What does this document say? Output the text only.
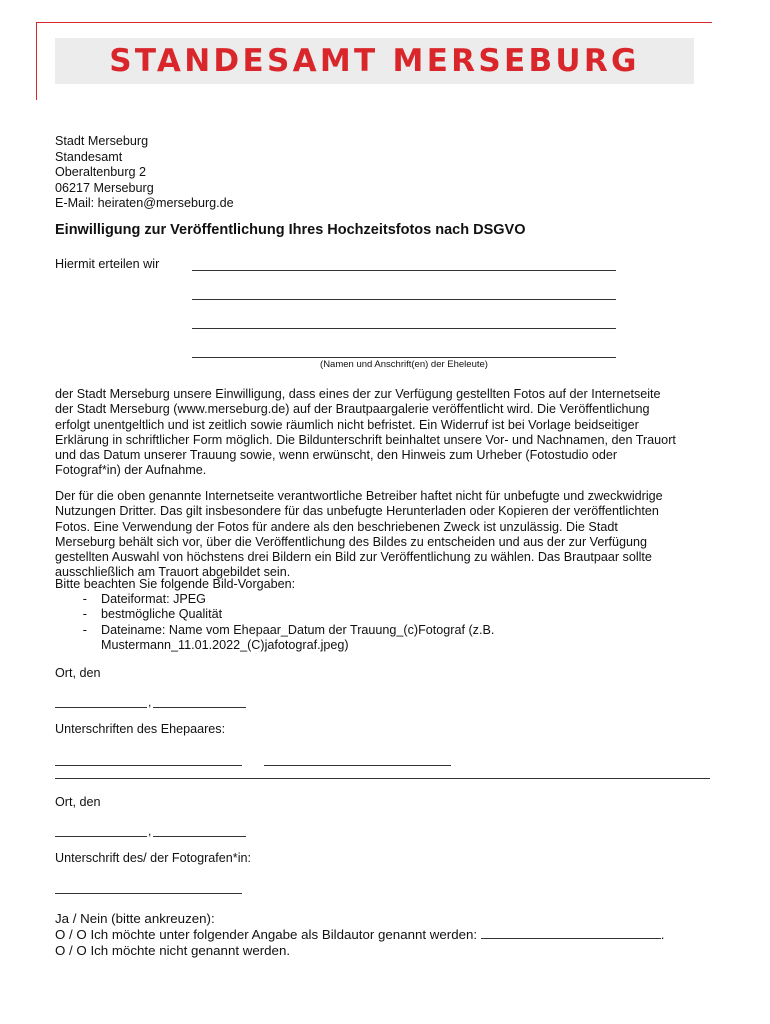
STANDESAMT MERSEBURG
Stadt Merseburg
Standesamt
Oberaltenburg 2
06217 Merseburg
E-Mail: heiraten@merseburg.de
Einwilligung zur Veröffentlichung Ihres Hochzeitsfotos nach DSGVO
Hiermit erteilen wir
(Namen und Anschrift(en) der Eheleute)
der Stadt Merseburg unsere Einwilligung, dass eines der zur Verfügung gestellten Fotos auf der Internetseite
der Stadt Merseburg (www.merseburg.de) auf der Brautpaargalerie veröffentlicht wird. Die Veröffentlichung
erfolgt unentgeltlich und ist zeitlich sowie räumlich nicht befristet. Ein Widerruf ist bei Vorlage beidseitiger
Erklärung in schriftlicher Form möglich. Die Bildunterschrift beinhaltet unsere Vor- und Nachnamen, den Trauort
und das Datum unserer Trauung sowie, wenn erwünscht, den Hinweis zum Urheber (Fotostudio oder
Fotograf*in) der Aufnahme.
Der für die oben genannte Internetseite verantwortliche Betreiber haftet nicht für unbefugte und zweckwidrige
Nutzungen Dritter. Das gilt insbesondere für das unbefugte Herunterladen oder Kopieren der veröffentlichten
Fotos. Eine Verwendung der Fotos für andere als den beschriebenen Zweck ist unzulässig. Die Stadt
Merseburg behält sich vor, über die Veröffentlichung des Bildes zu entscheiden und aus der zur Verfügung
gestellten Auswahl von höchstens drei Bildern ein Bild zur Veröffentlichung zu wählen. Das Brautpaar sollte
ausschließlich am Trauort abgebildet sein.
Bitte beachten Sie folgende Bild-Vorgaben:
-	Dateiformat: JPEG
-	bestmögliche Qualität
-	Dateiname: Name vom Ehepaar_Datum der Trauung_(c)Fotograf (z.B. Mustermann_11.01.2022_(C)jafotograf.jpeg)
Ort, den
,
Unterschriften des Ehepaares:
Ort, den
,
Unterschrift des/ der Fotografen*in:
Ja / Nein (bitte ankreuzen):
O / O Ich möchte unter folgender Angabe als Bildautor genannt werden:	.
O / O Ich möchte nicht genannt werden.
